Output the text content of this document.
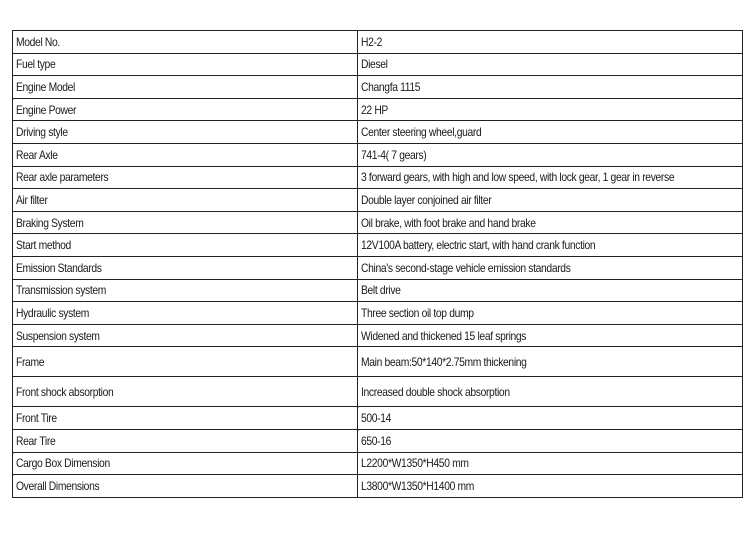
Model No.	H2-2
Fuel type	Diesel
Engine Model	Changfa 1115
Engine Power	22 HP
Driving style	Center steering wheel,guard
Rear Axle	741-4( 7 gears)
Rear axle parameters	3 forward gears, with high and low speed, with lock gear, 1 gear in reverse
Air filter	Double layer conjoined air filter
Braking System	Oil brake, with foot brake and hand brake
Start method	12V100A battery, electric start, with hand crank function
Emission Standards	China's second-stage vehicle emission standards
Transmission system	Belt drive
Hydraulic system	Three section oil top dump
Suspension system	Widened and thickened 15 leaf springs
Frame	Main beam:50*140*2.75mm thickening
Front shock absorption	Increased double shock absorption
Front Tire	500-14
Rear Tire	650-16
Cargo Box Dimension	L2200*W1350*H450 mm
Overall Dimensions	L3800*W1350*H1400 mm
